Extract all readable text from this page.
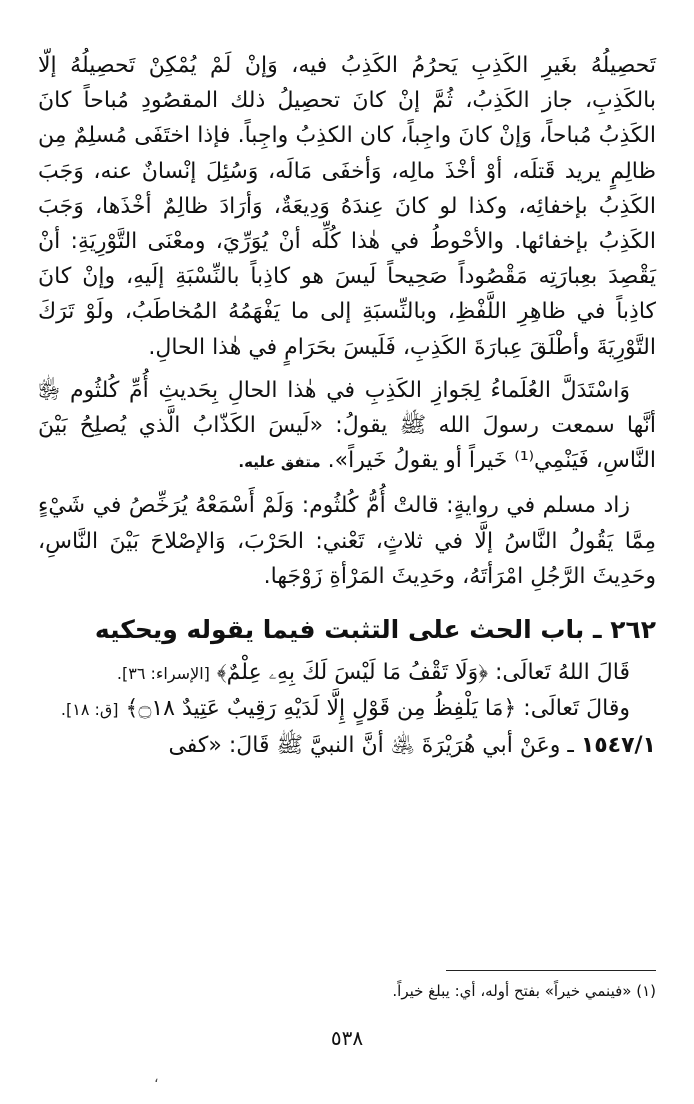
تَحصِيلُهُ بغَيرِ الكَذِبِ يَحرُمُ الكَذِبُ فيه، وَإنْ لَمْ يُمْكِنْ تَحصِيلُهُ إلّا بالكَذِبِ، جاز الكَذِبُ، ثُمَّ إنْ كانَ تحصِيلُ ذلك المقصُودِ مُباحاً كانَ الكَذِبُ مُباحاً، وَإنْ كانَ واجِباً، كان الكذِبُ واجِباً. فإذا اختَفَى مُسلِمٌ مِن ظالِمٍ يريد قَتلَه، أوْ أخْذَ مالِه، وَأخفَى مَالَه، وَسُئِلَ إنْسانٌ عنه، وَجَبَ الكَذِبُ بإخفائِه، وكذا لو كانَ عِندَهُ وَدِيعَةٌ، وَأرَادَ ظالِمٌ أخْذَها، وَجَبَ الكَذِبُ بإخفائها. والأحْوطُ في هٰذا كُلِّه أنْ يُوَرِّيَ، ومعْنَى التَّوْرِيَةِ: أنْ يَقْصِدَ بعِبارَتِه مَقْصُوداً صَحِيحاً لَيسَ هو كاذِباً بالنِّسْبَةِ إلَيهِ، وإنْ كانَ كاذِباً في ظاهِرِ اللَّفْظِ، وبالنِّسبَةِ إلى ما يَفْهَمُهُ المُخاطَبُ، ولَوْ تَرَكَ التَّوْرِيَةَ وأطْلَقَ عِبارَةَ الكَذِبِ، فَلَيسَ بحَرَامٍ في هٰذا الحالِ.

وَاسْتَدَلَّ العُلَماءُ لِجَوازِ الكَذِبِ في هٰذا الحالِ بِحَديثِ أُمِّ كُلثُوم ﵂ أنَّها سمعت رسولَ الله ﷺ يقولُ: «لَيسَ الكَذّابُ الَّذي يُصلِحُ بَيْنَ النَّاسِ، فَيَنْمِي⁽¹⁾ خَيراً أو يقولُ خَيراً». متفق عليه.

زاد مسلم في روايةٍ: قالتْ أُمُّ كُلثُوم: وَلَمْ أَسْمَعْهُ يُرَخِّصُ في شَيْءٍ مِمَّا يَقُولُ النَّاسُ إلَّا في ثلاثٍ، تَعْني: الحَرْبَ، وَالإصْلاحَ بَيْنَ النَّاسِ، وحَدِيثَ الرَّجُلِ امْرَأتَهُ، وحَدِيثَ المَرْأةِ زَوْجَها.

٢٦٢ ـ باب الحث على التثبت فيما يقوله ويحكيه

قَالَ اللهُ تَعالَى: ﴿وَلَا تَقْفُ مَا لَيْسَ لَكَ بِهِۦ عِلْمٌ﴾ [الإسراء: ٣٦].

وقالَ تَعالَى: ﴿مَا يَلْفِظُ مِن قَوْلٍ إِلَّا لَدَيْهِ رَقِيبٌ عَتِيدٌ ۝١٨﴾ [ق: ١٨].

١٥٤٧/١ ـ وعَنْ أبي هُرَيْرَةَ ﵁ أنَّ النبيَّ ﷺ قَالَ: «كفى

(١) «فينمي خيراً» بفتح أوله، أي: يبلغ خيراً.
٥٣٨
،
